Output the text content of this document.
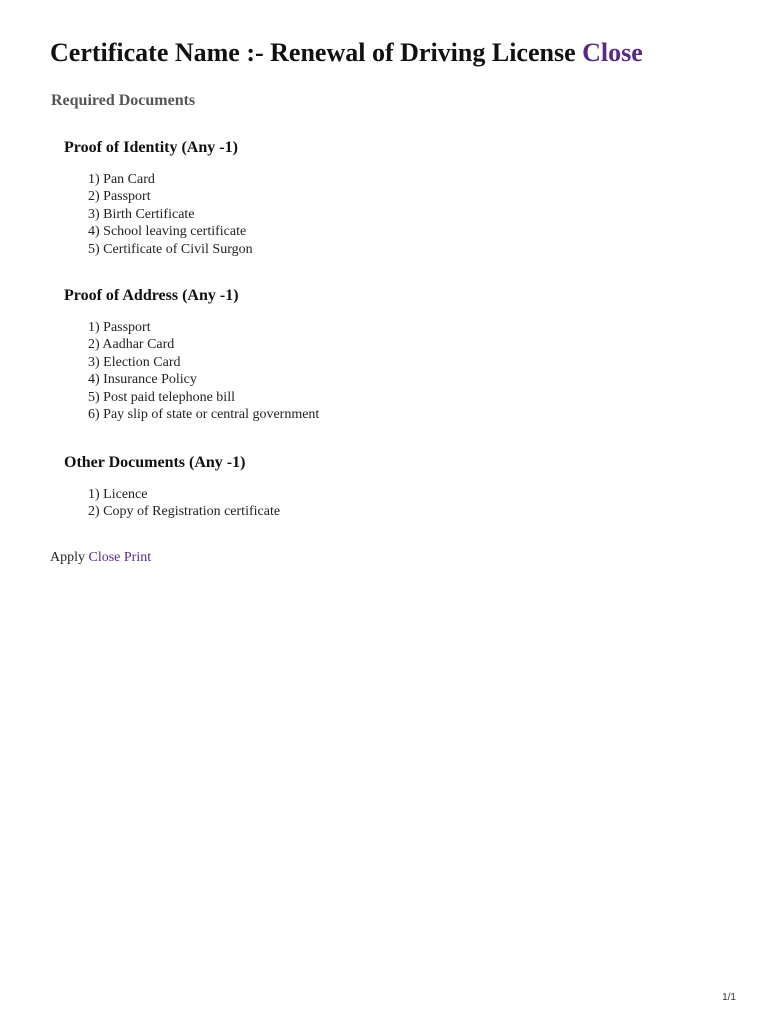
Certificate Name :- Renewal of Driving License Close
Required Documents
Proof of Identity (Any -1)
1) Pan Card
2) Passport
3) Birth Certificate
4) School leaving certificate
5) Certificate of Civil Surgon
Proof of Address (Any -1)
1) Passport
2) Aadhar Card
3) Election Card
4) Insurance Policy
5) Post paid telephone bill
6) Pay slip of state or central government
Other Documents (Any -1)
1) Licence
2) Copy of Registration certificate
Apply Close Print
1/1
